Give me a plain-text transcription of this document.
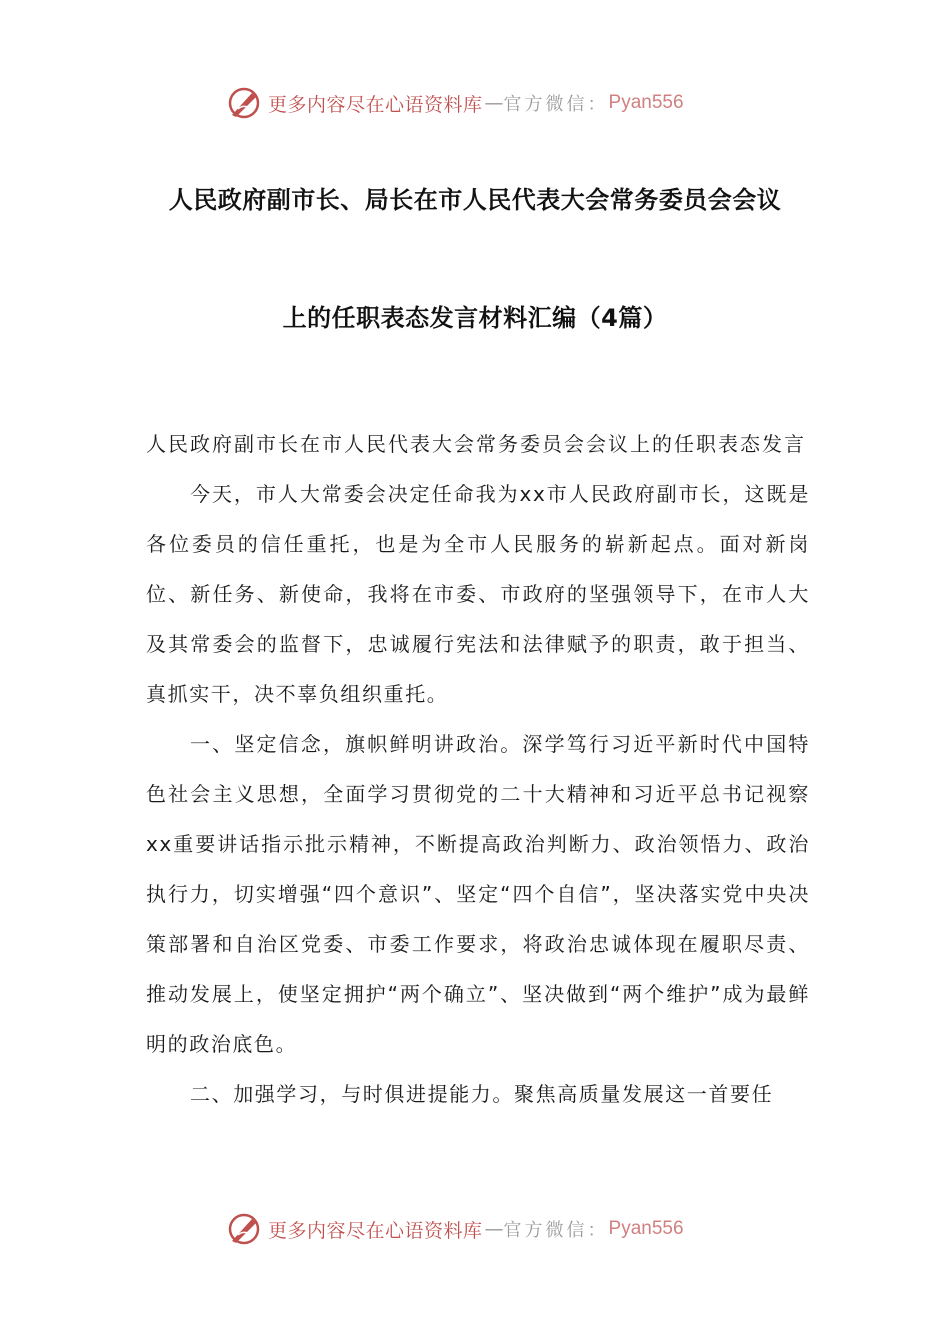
更多内容尽在心语资料库 — 官方微信： Pyan556
人民政府副市长、局长在市人民代表大会常务委员会会议
上的任职表态发言材料汇编（4篇）

人民政府副市长在市人民代表大会常务委员会会议上的任职表态发言

今天，市人大常委会决定任命我为xx市人民政府副市长，这既是各位委员的信任重托，也是为全市人民服务的崭新起点。面对新岗位、新任务、新使命，我将在市委、市政府的坚强领导下，在市人大及其常委会的监督下，忠诚履行宪法和法律赋予的职责，敢于担当、真抓实干，决不辜负组织重托。

一、坚定信念，旗帜鲜明讲政治。深学笃行习近平新时代中国特色社会主义思想，全面学习贯彻党的二十大精神和习近平总书记视察xx重要讲话指示批示精神，不断提高政治判断力、政治领悟力、政治执行力，切实增强“四个意识”、坚定“四个自信”，坚决落实党中央决策部署和自治区党委、市委工作要求，将政治忠诚体现在履职尽责、推动发展上，使坚定拥护“两个确立”、坚决做到“两个维护”成为最鲜明的政治底色。

二、加强学习，与时俱进提能力。聚焦高质量发展这一首要任

更多内容尽在心语资料库 — 官方微信： Pyan556
